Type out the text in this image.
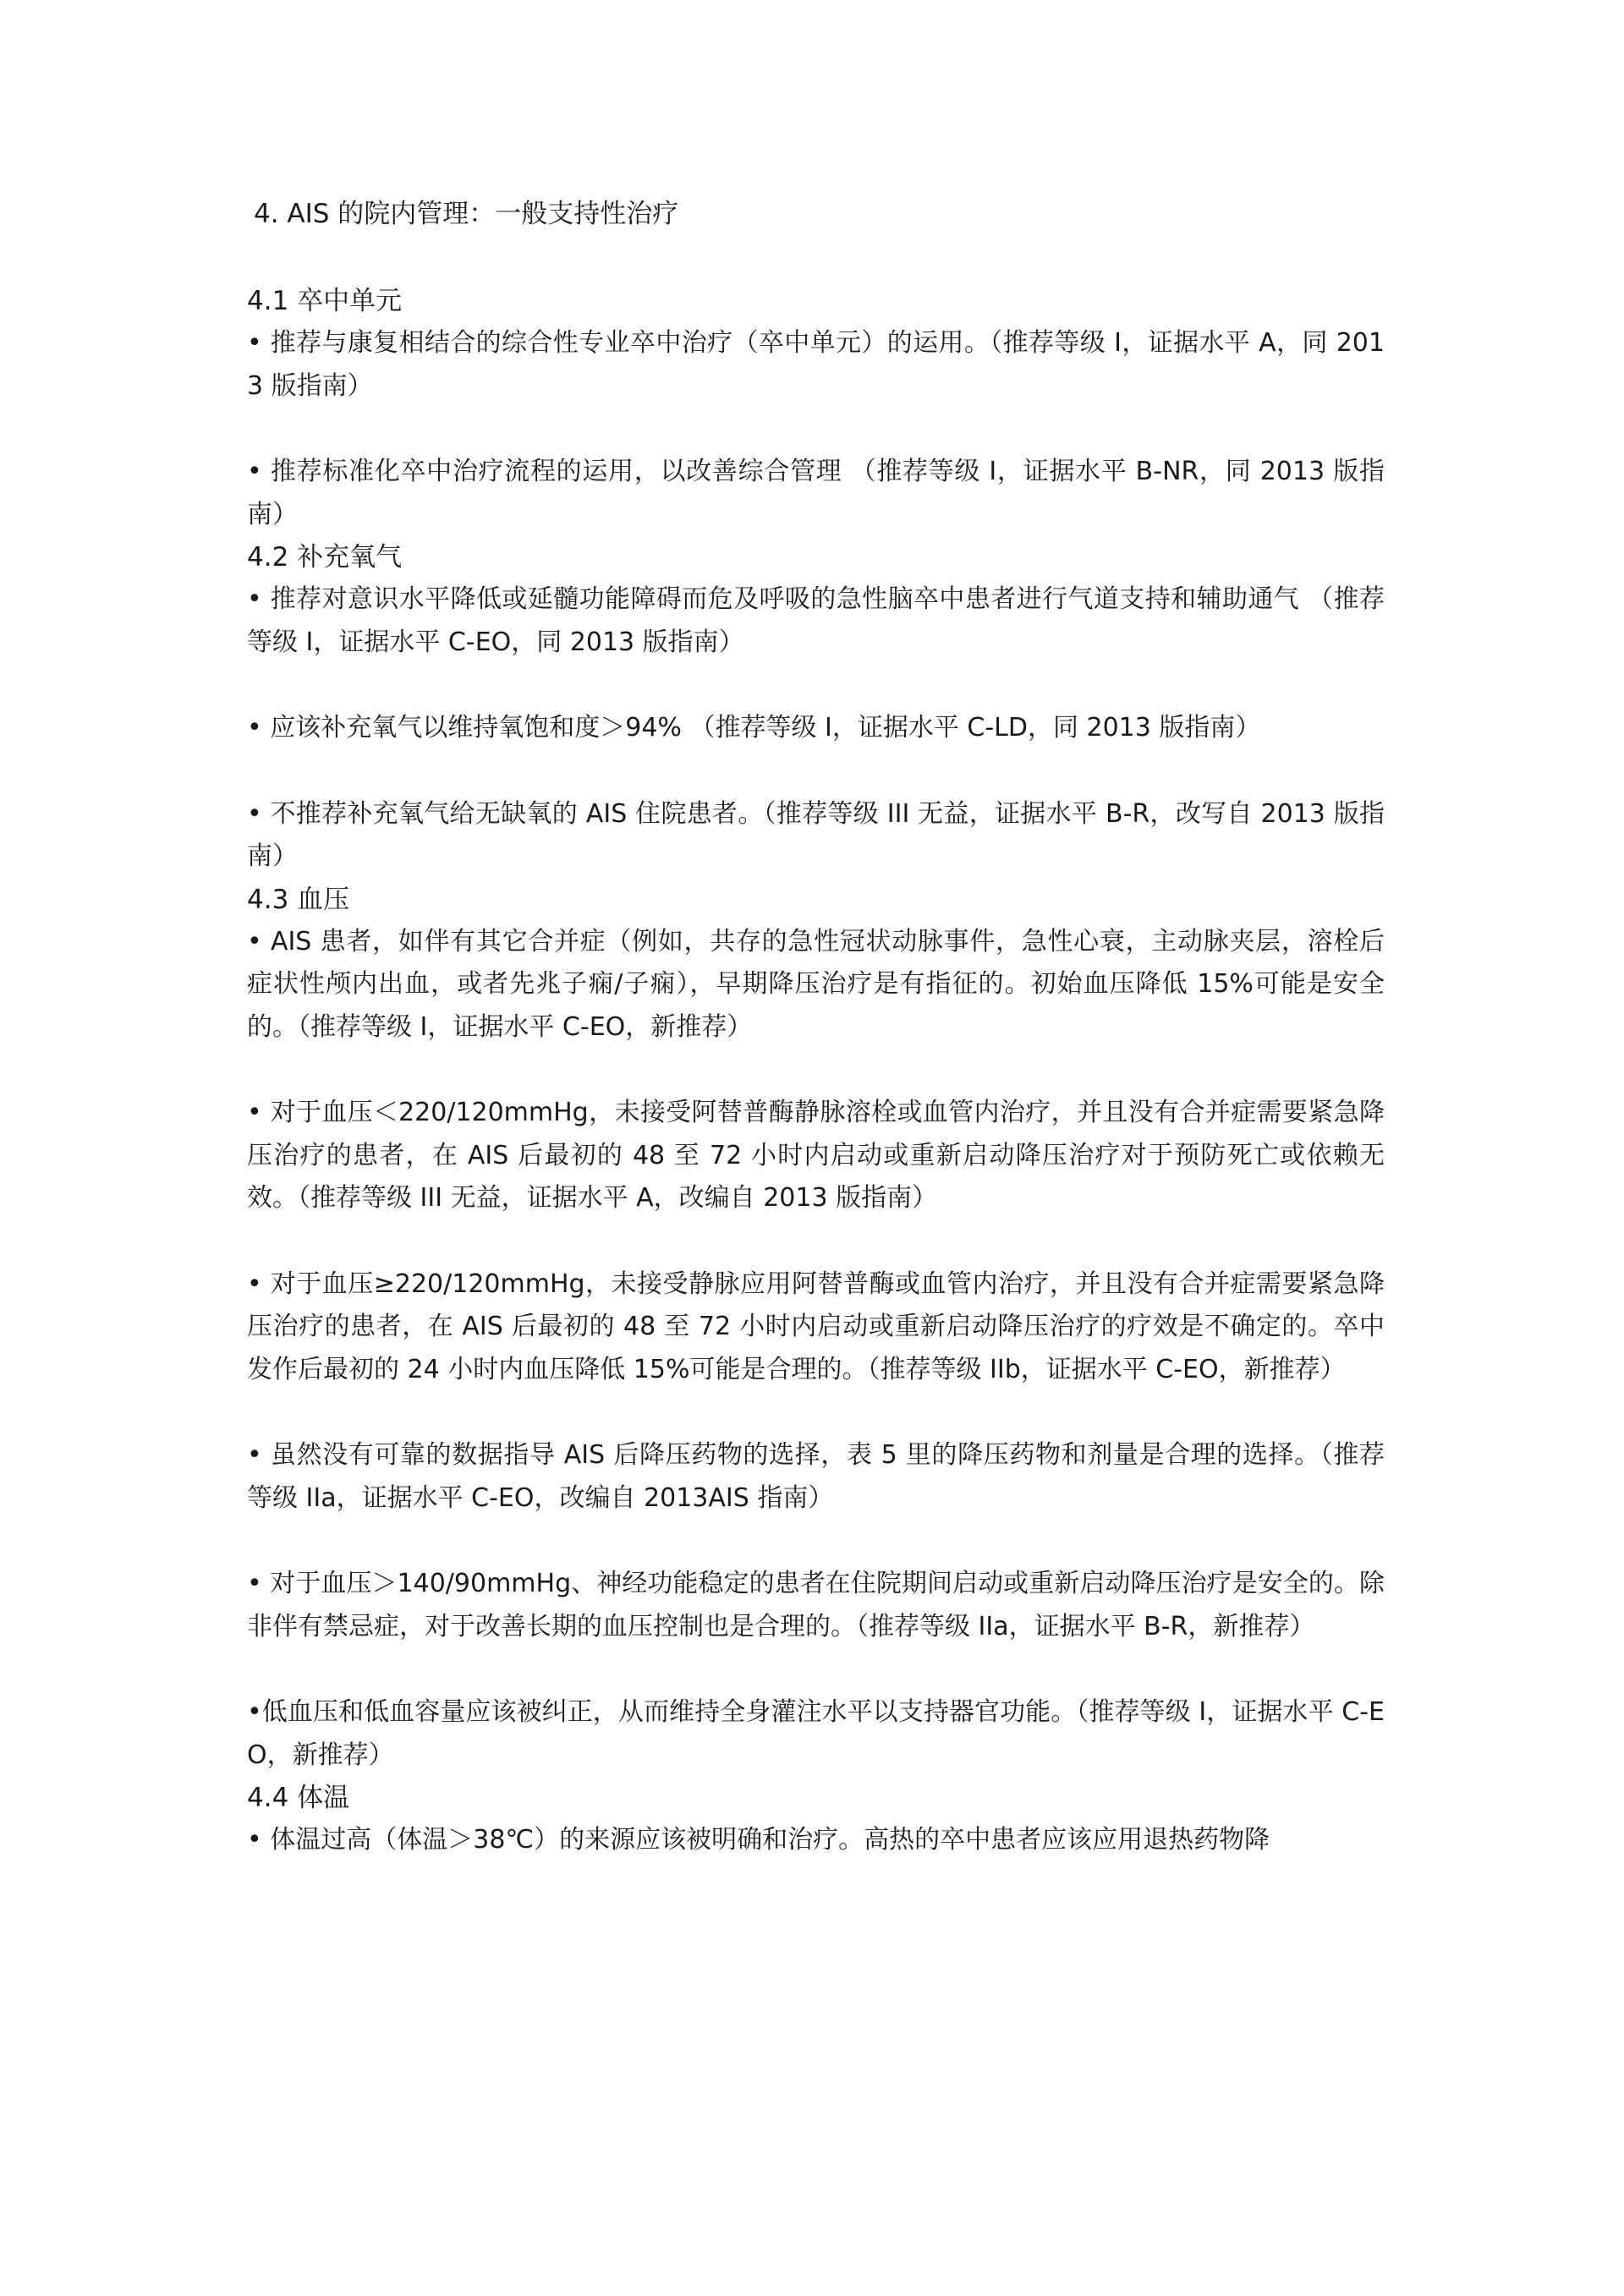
4. AIS 的院内管理：一般支持性治疗
4.1 卒中单元

• 推荐与康复相结合的综合性专业卒中治疗（卒中单元）的运用。（推荐等级 I，证据水平 A，同 2013 版指南）

• 推荐标准化卒中治疗流程的运用，以改善综合管理 （推荐等级 I，证据水平 B-NR，同 2013 版指南）

4.2 补充氧气

• 推荐对意识水平降低或延髓功能障碍而危及呼吸的急性脑卒中患者进行气道支持和辅助通气 （推荐等级 I，证据水平 C-EO，同 2013 版指南）

• 应该补充氧气以维持氧饱和度＞94% （推荐等级 I，证据水平 C-LD，同 2013 版指南）

• 不推荐补充氧气给无缺氧的 AIS 住院患者。（推荐等级 III 无益，证据水平 B-R，改写自 2013 版指南）

4.3 血压

• AIS 患者，如伴有其它合并症（例如，共存的急性冠状动脉事件，急性心衰，主动脉夹层，溶栓后症状性颅内出血，或者先兆子痫/子痫），早期降压治疗是有指征的。初始血压降低 15%可能是安全的。（推荐等级 I，证据水平 C-EO，新推荐）

• 对于血压＜220/120mmHg，未接受阿替普酶静脉溶栓或血管内治疗，并且没有合并症需要紧急降压治疗的患者，在 AIS 后最初的 48 至 72 小时内启动或重新启动降压治疗对于预防死亡或依赖无效。（推荐等级 III 无益，证据水平 A，改编自 2013 版指南）

• 对于血压≥220/120mmHg，未接受静脉应用阿替普酶或血管内治疗，并且没有合并症需要紧急降压治疗的患者，在 AIS 后最初的 48 至 72 小时内启动或重新启动降压治疗的疗效是不确定的。卒中发作后最初的 24 小时内血压降低 15%可能是合理的。（推荐等级 IIb，证据水平 C-EO，新推荐）

• 虽然没有可靠的数据指导 AIS 后降压药物的选择，表 5 里的降压药物和剂量是合理的选择。（推荐等级 IIa，证据水平 C-EO，改编自 2013AIS 指南）

• 对于血压＞140/90mmHg、神经功能稳定的患者在住院期间启动或重新启动降压治疗是安全的。除非伴有禁忌症，对于改善长期的血压控制也是合理的。（推荐等级 IIa，证据水平 B-R，新推荐）

•低血压和低血容量应该被纠正，从而维持全身灌注水平以支持器官功能。（推荐等级 I，证据水平 C-EO，新推荐）

4.4 体温

• 体温过高（体温＞38℃）的来源应该被明确和治疗。高热的卒中患者应该应用退热药物降
